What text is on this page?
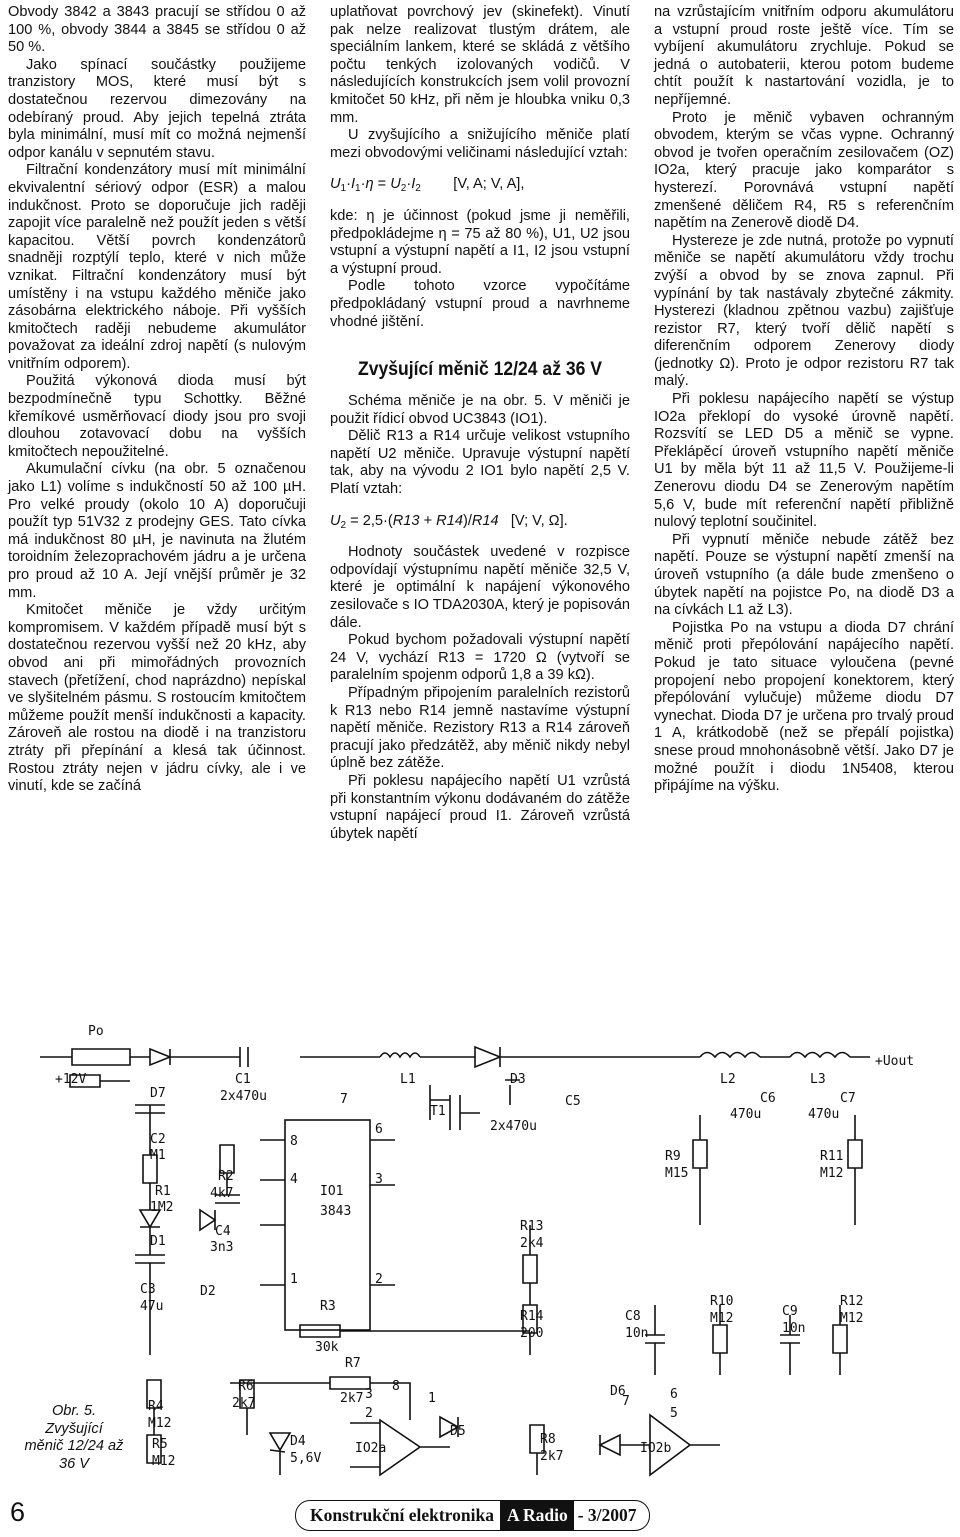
Obvody 3842 a 3843 pracují se střídou 0 až 100 %, obvody 3844 a 3845 se střídou 0 až 50 %.

Jako spínací součástky použijeme tranzistory MOS, které musí být s dostatečnou rezervou dimezovány na odebíraný proud. Aby jejich tepelná ztráta byla minimální, musí mít co možná nejmenší odpor kanálu v sepnutém stavu.

Filtrační kondenzátory musí mít minimální ekvivalentní sériový odpor (ESR) a malou indukčnost. Proto se doporučuje jich raději zapojit více paralelně než použít jeden s větší kapacitou. Větší povrch kondenzátorů snadněji rozptýlí teplo, které v nich může vznikat. Filtrační kondenzátory musí být umístěny i na vstupu každého měniče jako zásobárna elektrického náboje. Při vyšších kmitočtech raději nebudeme akumulátor považovat za ideální zdroj napětí (s nulovým vnitřním odporem).

Použitá výkonová dioda musí být bezpodmínečně typu Schottky. Běžné křemíkové usměrňovací diody jsou pro svoji dlouhou zotavovací dobu na vyšších kmitočtech nepoužitelné.

Akumulační cívku (na obr. 5 označenou jako L1) volíme s indukčností 50 až 100 µH. Pro velké proudy (okolo 10 A) doporučuji použít typ 51V32 z prodejny GES. Tato cívka má indukčnost 80 µH, je navinuta na žlutém toroidním železoprachovém jádru a je určena pro proud až 10 A. Její vnější průměr je 32 mm.

Kmitočet měniče je vždy určitým kompromisem. V každém případě musí být s dostatečnou rezervou vyšší než 20 kHz, aby obvod ani při mimořádných provozních stavech (přetížení, chod naprázdno) nepískal ve slyšitelném pásmu. S rostoucím kmitočtem můžeme použít menší indukčnosti a kapacity. Zároveň ale rostou na diodě i na tranzistoru ztráty při přepínání a klesá tak účinnost. Rostou ztráty nejen v jádru cívky, ale i ve vinutí, kde se začíná

uplatňovat povrchový jev (skinefekt). Vinutí pak nelze realizovat tlustým drátem, ale speciálním lankem, které se skládá z většího počtu tenkých izolovaných vodičů. V následujících konstrukcích jsem volil provozní kmitočet 50 kHz, při něm je hloubka vniku 0,3 mm.

U zvyšujícího a snižujícího měniče platí mezi obvodovými veličinami následující vztah:

$U_1\cdot I_1\cdot\eta = U_2\cdot I_2$ [V, A; V, A],

kde: η je účinnost (pokud jsme ji neměřili, předpokládejme η = 75 až 80 %), U1, U2 jsou vstupní a výstupní napětí a I1, I2 jsou vstupní a výstupní proud.

Podle tohoto vzorce vypočítáme předpokládaný vstupní proud a navrhneme vhodné jištění.

Zvyšující měnič 12/24 až 36 V

Schéma měniče je na obr. 5. V měniči je použit řídicí obvod UC3843 (IO1).

Dělič R13 a R14 určuje velikost vstupního napětí U2 měniče. Upravuje výstupní napětí tak, aby na vývodu 2 IO1 bylo napětí 2,5 V. Platí vztah:

$U_2 = 2,5\cdot(R13 + R14)/R14$ [V; V, Ω].

Hodnoty součástek uvedené v rozpisce odpovídají výstupnímu napětí měniče 32,5 V, které je optimální k napájení výkonového zesilovače s IO TDA2030A, který je popisován dále.

Pokud bychom požadovali výstupní napětí 24 V, vychází R13 = 1720 Ω (vytvoří se paralelním spojenm odporů 1,8 a 39 kΩ).

Případným připojením paralelních rezistorů k R13 nebo R14 jemně nastavíme výstupní napětí měniče. Rezistory R13 a R14 zároveň pracují jako předzátěž, aby měnič nikdy nebyl úplně bez zátěže.

Při poklesu napájecího napětí U1 vzrůstá při konstantním výkonu dodávaném do zátěže vstupní napájecí proud I1. Zároveň vzrůstá úbytek napětí

na vzrůstajícím vnitřním odporu akumulátoru a vstupní proud roste ještě více. Tím se vybíjení akumulátoru zrychluje. Pokud se jedná o autobaterii, kterou potom budeme chtít použít k nastartování vozidla, je to nepříjemné.

Proto je měnič vybaven ochranným obvodem, kterým se včas vypne. Ochranný obvod je tvořen operačním zesilovačem (OZ) IO2a, který pracuje jako komparátor s hysterezí. Porovnává vstupní napětí zmenšené děličem R4, R5 s referenčním napětím na Zenerově diodě D4.

Hystereze je zde nutná, protože po vypnutí měniče se napětí akumulátoru vždy trochu zvýší a obvod by se znova zapnul. Při vypínání by tak nastávaly zbytečné zákmity. Hysterezi (kladnou zpětnou vazbu) zajišťuje rezistor R7, který tvoří dělič napětí s diferenčním odporem Zenerovy diody (jednotky Ω). Proto je odpor rezistoru R7 tak malý.

Při poklesu napájecího napětí se výstup IO2a překlopí do vysoké úrovně napětí. Rozsvítí se LED D5 a měnič se vypne. Překlápěcí úroveň vstupního napětí měniče U1 by měla být 11 až 11,5 V. Použijeme-li Zenerovu diodu D4 se Zenerovým napětím 5,6 V, bude mít referenční napětí přibližně nulový teplotní součinitel.

Při vypnutí měniče nebude zátěž bez napětí. Pouze se výstupní napětí zmenší na úroveň vstupního (a dále bude zmenšeno o úbytek napětí na pojistce Po, na diodě D3 a na cívkách L1 až L3).

Pojistka Po na vstupu a dioda D7 chrání měnič proti přepólování napájecího napětí. Pokud je tato situace vyloučena (pevné propojení nebo propojení konektorem, který přepólování vylučuje) můžeme diodu D7 vynechat. Dioda D7 je určena pro trvalý proud 1 A, krátkodobě (než se přepálí pojistka) snese proud mnohonásobně větší. Jako D7 je možné použít i diodu 1N5408, kterou připájíme na výšku.

Po
+12V
+Uout
D7
C1
2x470u
C2
M1
R1
1M2
D1
R2
4k7
C4
3n3
C3
47u
D2
IO1
3843
8
7
6
4	3
1	2
L1	D3
T1
C5
2x470u
L2	L3
C6
470u
C7
470u
R9
M15
R11
M12
R13
2k4
R14
200
R3
30k
C8
10n
R10
M12	C9
10n
R12
M12
R7
2k7
R6
2k7
R4
M12
R5
M12
D4
5,6V
IO2a
D5
R8
2k7
D6
IO2b
3
8
2
1	6
5
7
Obr. 5. Zvyšující měnič 12/24 až 36 V
6	Konstrukční elektronika A Radio - 3/2007
